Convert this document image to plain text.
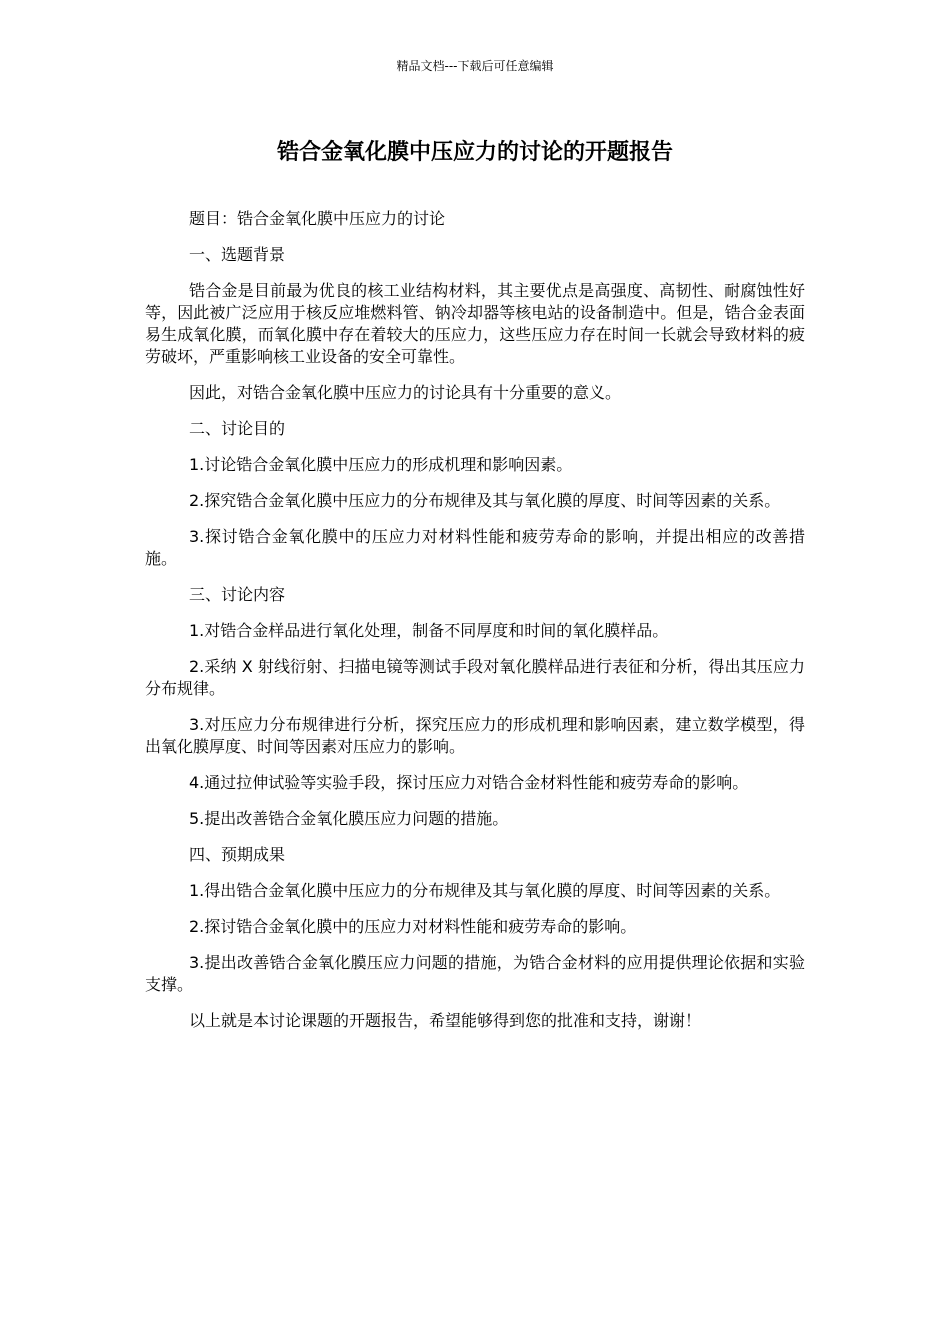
精品文档---下载后可任意编辑
锆合金氧化膜中压应力的讨论的开题报告

题目：锆合金氧化膜中压应力的讨论

一、选题背景

锆合金是目前最为优良的核工业结构材料，其主要优点是高强度、高韧性、耐腐蚀性好等，因此被广泛应用于核反应堆燃料管、钠冷却器等核电站的设备制造中。但是，锆合金表面易生成氧化膜，而氧化膜中存在着较大的压应力，这些压应力存在时间一长就会导致材料的疲劳破坏，严重影响核工业设备的安全可靠性。

因此，对锆合金氧化膜中压应力的讨论具有十分重要的意义。

二、讨论目的

1.讨论锆合金氧化膜中压应力的形成机理和影响因素。

2.探究锆合金氧化膜中压应力的分布规律及其与氧化膜的厚度、时间等因素的关系。

3.探讨锆合金氧化膜中的压应力对材料性能和疲劳寿命的影响，并提出相应的改善措施。

三、讨论内容

1.对锆合金样品进行氧化处理，制备不同厚度和时间的氧化膜样品。

2.采纳 X 射线衍射、扫描电镜等测试手段对氧化膜样品进行表征和分析，得出其压应力分布规律。

3.对压应力分布规律进行分析，探究压应力的形成机理和影响因素，建立数学模型，得出氧化膜厚度、时间等因素对压应力的影响。

4.通过拉伸试验等实验手段，探讨压应力对锆合金材料性能和疲劳寿命的影响。

5.提出改善锆合金氧化膜压应力问题的措施。

四、预期成果

1.得出锆合金氧化膜中压应力的分布规律及其与氧化膜的厚度、时间等因素的关系。

2.探讨锆合金氧化膜中的压应力对材料性能和疲劳寿命的影响。

3.提出改善锆合金氧化膜压应力问题的措施，为锆合金材料的应用提供理论依据和实验支撑。

以上就是本讨论课题的开题报告，希望能够得到您的批准和支持，谢谢！
